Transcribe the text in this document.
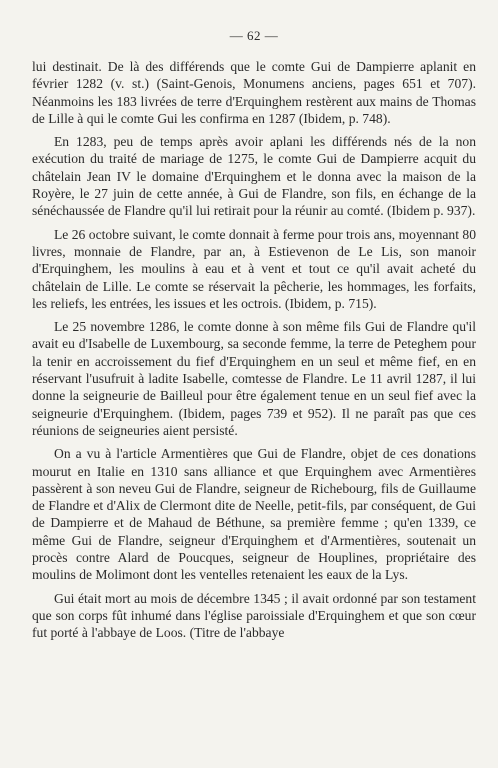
— 62 —

lui destinait. De là des différends que le comte Gui de Dampierre aplanit en février 1282 (v. st.) (Saint-Genois, Monumens anciens, pages 651 et 707). Néanmoins les 183 livrées de terre d'Erquinghem restèrent aux mains de Thomas de Lille à qui le comte Gui les confirma en 1287 (Ibidem, p. 748).

En 1283, peu de temps après avoir aplani les différends nés de la non exécution du traité de mariage de 1275, le comte Gui de Dampierre acquit du châtelain Jean IV le domaine d'Erquinghem et le donna avec la maison de la Royère, le 27 juin de cette année, à Gui de Flandre, son fils, en échange de la sénéchaussée de Flandre qu'il lui retirait pour la réunir au comté. (Ibidem p. 937).

Le 26 octobre suivant, le comte donnait à ferme pour trois ans, moyennant 80 livres, monnaie de Flandre, par an, à Estievenon de Le Lis, son manoir d'Erquinghem, les moulins à eau et à vent et tout ce qu'il avait acheté du châtelain de Lille. Le comte se réservait la pêcherie, les hommages, les forfaits, les reliefs, les entrées, les issues et les octrois. (Ibidem, p. 715).

Le 25 novembre 1286, le comte donne à son même fils Gui de Flandre qu'il avait eu d'Isabelle de Luxembourg, sa seconde femme, la terre de Peteghem pour la tenir en accroissement du fief d'Erquinghem en un seul et même fief, en en réservant l'usufruit à ladite Isabelle, comtesse de Flandre. Le 11 avril 1287, il lui donne la seigneurie de Bailleul pour être également tenue en un seul fief avec la seigneurie d'Erquinghem. (Ibidem, pages 739 et 952). Il ne paraît pas que ces réunions de seigneuries aient persisté.

On a vu à l'article Armentières que Gui de Flandre, objet de ces donations mourut en Italie en 1310 sans alliance et que Erquinghem avec Armentières passèrent à son neveu Gui de Flandre, seigneur de Richebourg, fils de Guillaume de Flandre et d'Alix de Clermont dite de Neelle, petit-fils, par conséquent, de Gui de Dampierre et de Mahaud de Béthune, sa première femme ; qu'en 1339, ce même Gui de Flandre, seigneur d'Erquinghem et d'Armentières, soutenait un procès contre Alard de Poucques, seigneur de Houplines, propriétaire des moulins de Molimont dont les ventelles retenaient les eaux de la Lys.

Gui était mort au mois de décembre 1345 ; il avait ordonné par son testament que son corps fût inhumé dans l'église paroissiale d'Erquinghem et que son cœur fut porté à l'abbaye de Loos. (Titre de l'abbaye
